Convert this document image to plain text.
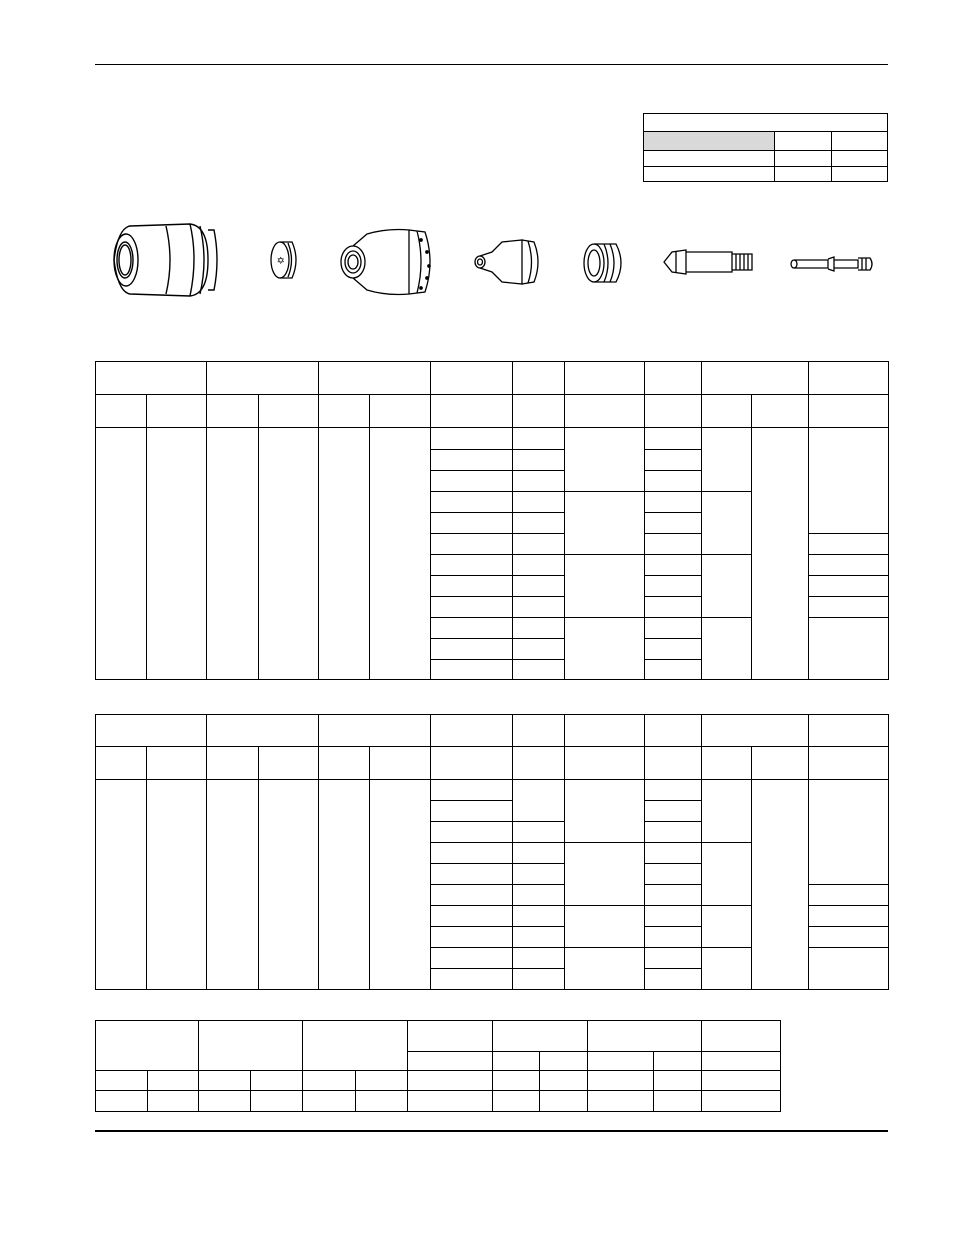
✡
